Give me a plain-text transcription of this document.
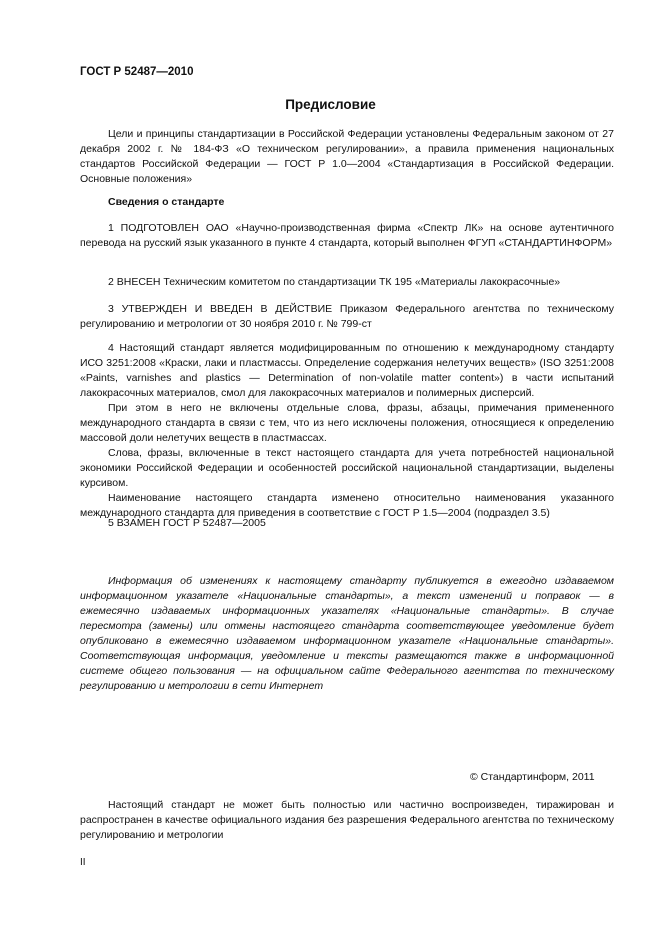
ГОСТ Р 52487—2010
Предисловие

Цели и принципы стандартизации в Российской Федерации установлены Федеральным законом от 27 декабря 2002 г. № 184-ФЗ «О техническом регулировании», а правила применения национальных стандартов Российской Федерации — ГОСТ Р 1.0—2004 «Стандартизация в Российской Федерации. Основные положения»

Сведения о стандарте

1 ПОДГОТОВЛЕН ОАО «Научно-производственная фирма «Спектр ЛК» на основе аутентичного перевода на русский язык указанного в пункте 4 стандарта, который выполнен ФГУП «СТАНДАРТИНФОРМ»

2 ВНЕСЕН Техническим комитетом по стандартизации ТК 195 «Материалы лакокрасочные»

3 УТВЕРЖДЕН И ВВЕДЕН В ДЕЙСТВИЕ Приказом Федерального агентства по техническому регулированию и метрологии от 30 ноября 2010 г. № 799-ст

4 Настоящий стандарт является модифицированным по отношению к международному стандарту ИСО 3251:2008 «Краски, лаки и пластмассы. Определение содержания нелетучих веществ» (ISO 3251:2008 «Paints, varnishes and plastics — Determination of non-volatile matter content») в части испытаний лакокрасочных материалов, смол для лакокрасочных материалов и полимерных дисперсий.

При этом в него не включены отдельные слова, фразы, абзацы, примечания примененного международного стандарта в связи с тем, что из него исключены положения, относящиеся к определению массовой доли нелетучих веществ в пластмассах.

Слова, фразы, включенные в текст настоящего стандарта для учета потребностей национальной экономики Российской Федерации и особенностей российской национальной стандартизации, выделены курсивом.

Наименование настоящего стандарта изменено относительно наименования указанного международного стандарта для приведения в соответствие с ГОСТ Р 1.5—2004 (подраздел 3.5)

5 ВЗАМЕН ГОСТ Р 52487—2005

Информация об изменениях к настоящему стандарту публикуется в ежегодно издаваемом информационном указателе «Национальные стандарты», а текст изменений и поправок — в ежемесячно издаваемых информационных указателях «Национальные стандарты». В случае пересмотра (замены) или отмены настоящего стандарта соответствующее уведомление будет опубликовано в ежемесячно издаваемом информационном указателе «Национальные стандарты». Соответствующая информация, уведомление и тексты размещаются также в информационной системе общего пользования — на официальном сайте Федерального агентства по техническому регулированию и метрологии в сети Интернет

© Стандартинформ, 2011

Настоящий стандарт не может быть полностью или частично воспроизведен, тиражирован и распространен в качестве официального издания без разрешения Федерального агентства по техническому регулированию и метрологии

II
